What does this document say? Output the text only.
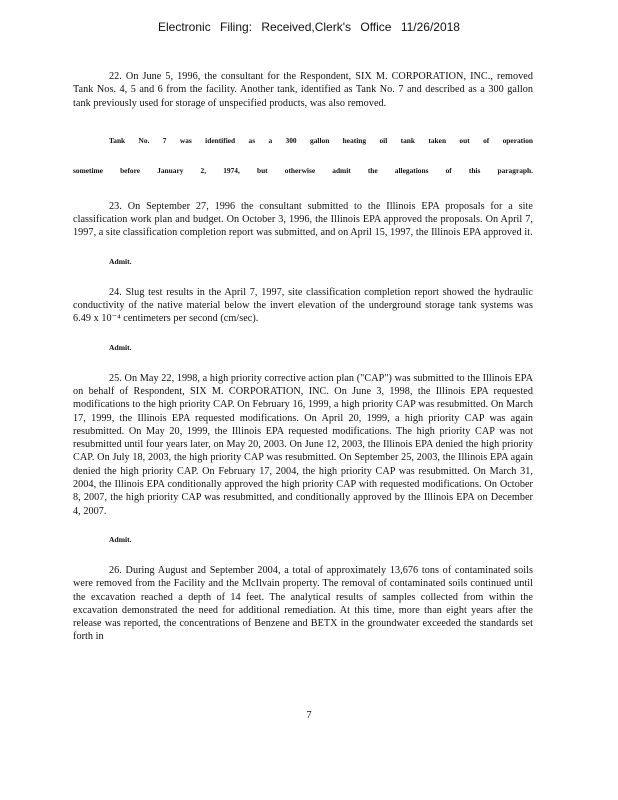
Electronic Filing: Received,Clerk's Office 11/26/2018

22. On June 5, 1996, the consultant for the Respondent, SIX M. CORPORATION, INC., removed Tank Nos. 4, 5 and 6 from the facility. Another tank, identified as Tank No. 7 and described as a 300 gallon tank previously used for storage of unspecified products, was also removed.

Tank No. 7 was identified as a 300 gallon heating oil tank taken out of operation
sometime before January 2, 1974, but otherwise admit the allegations of this paragraph.

23. On September 27, 1996 the consultant submitted to the Illinois EPA proposals for a site classification work plan and budget. On October 3, 1996, the Illinois EPA approved the proposals. On April 7, 1997, a site classification completion report was submitted, and on April 15, 1997, the Illinois EPA approved it.

Admit.

24. Slug test results in the April 7, 1997, site classification completion report showed the hydraulic conductivity of the native material below the invert elevation of the underground storage tank systems was 6.49 x 10⁻⁴ centimeters per second (cm/sec).

Admit.

25. On May 22, 1998, a high priority corrective action plan ("CAP") was submitted to the Illinois EPA on behalf of Respondent, SIX M. CORPORATION, INC. On June 3, 1998, the Illinois EPA requested modifications to the high priority CAP. On February 16, 1999, a high priority CAP was resubmitted. On March 17, 1999, the Illinois EPA requested modifications. On April 20, 1999, a high priority CAP was again resubmitted. On May 20, 1999, the Illinois EPA requested modifications. The high priority CAP was not resubmitted until four years later, on May 20, 2003. On June 12, 2003, the Illinois EPA denied the high priority CAP. On July 18, 2003, the high priority CAP was resubmitted. On September 25, 2003, the Illinois EPA again denied the high priority CAP. On February 17, 2004, the high priority CAP was resubmitted. On March 31, 2004, the Illinois EPA conditionally approved the high priority CAP with requested modifications. On October 8, 2007, the high priority CAP was resubmitted, and conditionally approved by the Illinois EPA on December 4, 2007.

Admit.

26. During August and September 2004, a total of approximately 13,676 tons of contaminated soils were removed from the Facility and the McIlvain property. The removal of contaminated soils continued until the excavation reached a depth of 14 feet. The analytical results of samples collected from within the excavation demonstrated the need for additional remediation. At this time, more than eight years after the release was reported, the concentrations of Benzene and BETX in the groundwater exceeded the standards set forth in

7
